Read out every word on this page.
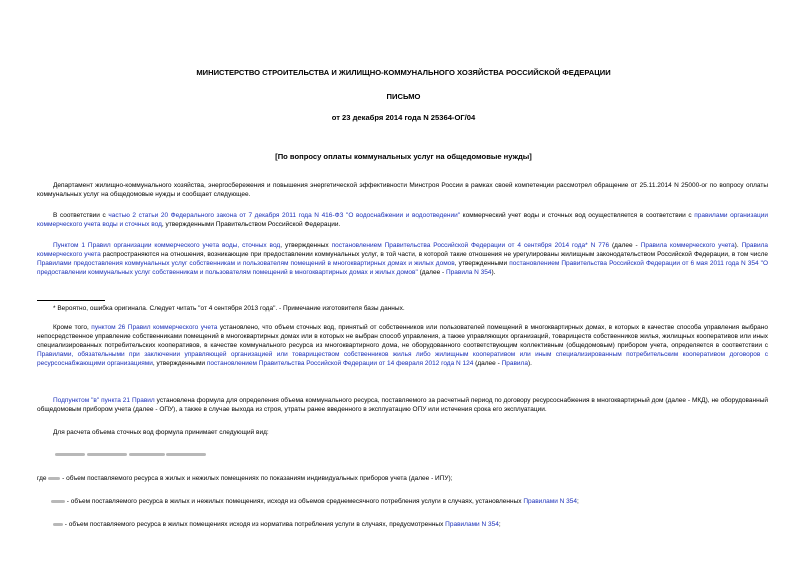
МИНИСТЕРСТВО СТРОИТЕЛЬСТВА И ЖИЛИЩНО-КОММУНАЛЬНОГО ХОЗЯЙСТВА РОССИЙСКОЙ ФЕДЕРАЦИИ
ПИСЬМО
от 23 декабря 2014 года N 25364-ОГ/04
[По вопросу оплаты коммунальных услуг на общедомовые нужды]

Департамент жилищно-коммунального хозяйства, энергосбережения и повышения энергетической эффективности Минстроя России в рамках своей компетенции рассмотрел обращение от 25.11.2014 N 25000-ог по вопросу оплаты коммунальных услуг на общедомовые нужды и сообщает следующее.

В соответствии с частью 2 статьи 20 Федерального закона от 7 декабря 2011 года N 416-ФЗ "О водоснабжении и водоотведении" коммерческий учет воды и сточных вод осуществляется в соответствии с правилами организации коммерческого учета воды и сточных вод, утвержденными Правительством Российской Федерации.

Пунктом 1 Правил организации коммерческого учета воды, сточных вод, утвержденных постановлением Правительства Российской Федерации от 4 сентября 2014 года* N 776 (далее - Правила коммерческого учета). Правила коммерческого учета распространяются на отношения, возникающие при предоставлении коммунальных услуг, в той части, в которой такие отношения не урегулированы жилищным законодательством Российской Федерации, в том числе Правилами предоставления коммунальных услуг собственникам и пользователям помещений в многоквартирных домах и жилых домов, утвержденными постановлением Правительства Российской Федерации от 6 мая 2011 года N 354 "О предоставлении коммунальных услуг собственникам и пользователям помещений в многоквартирных домах и жилых домов" (далее - Правила N 354).

* Вероятно, ошибка оригинала. Следует читать "от 4 сентября 2013 года". - Примечание изготовителя базы данных.

Кроме того, пунктом 26 Правил коммерческого учета установлено, что объем сточных вод, принятый от собственников или пользователей помещений в многоквартирных домах, в которых в качестве способа управления выбрано непосредственное управление собственниками помещений в многоквартирных домах или в которых не выбран способ управления, а также управляющих организаций, товариществ собственников жилья, жилищных кооперативов или иных специализированных потребительских кооперативов, в качестве коммунального ресурса из многоквартирного дома, не оборудованного соответствующим коллективным (общедомовым) прибором учета, определяется в соответствии с Правилами, обязательными при заключении управляющей организацией или товариществом собственников жилья либо жилищным кооперативом или иным специализированным потребительским кооперативом договоров с ресурсоснабжающими организациями, утвержденными постановлением Правительства Российской Федерации от 14 февраля 2012 года N 124 (далее - Правила).

Подпунктом "в" пункта 21 Правил установлена формула для определения объема коммунального ресурса, поставляемого за расчетный период по договору ресурсоснабжения в многоквартирный дом (далее - МКД), не оборудованный общедомовым прибором учета (далее - ОПУ), а также в случае выхода из строя, утраты ранее введенного в эксплуатацию ОПУ или истечения срока его эксплуатации.

Для расчета объема сточных вод формула принимает следующий вид:

где  - объем поставляемого ресурса в жилых и нежилых помещениях по показаниям индивидуальных приборов учета (далее - ИПУ);

- объем поставляемого ресурса в жилых и нежилых помещениях, исходя из объемов среднемесячного потребления услуги в случаях, установленных Правилами N 354;

- объем поставляемого ресурса в жилых помещениях исходя из норматива потребления услуги в случаях, предусмотренных Правилами N 354;
